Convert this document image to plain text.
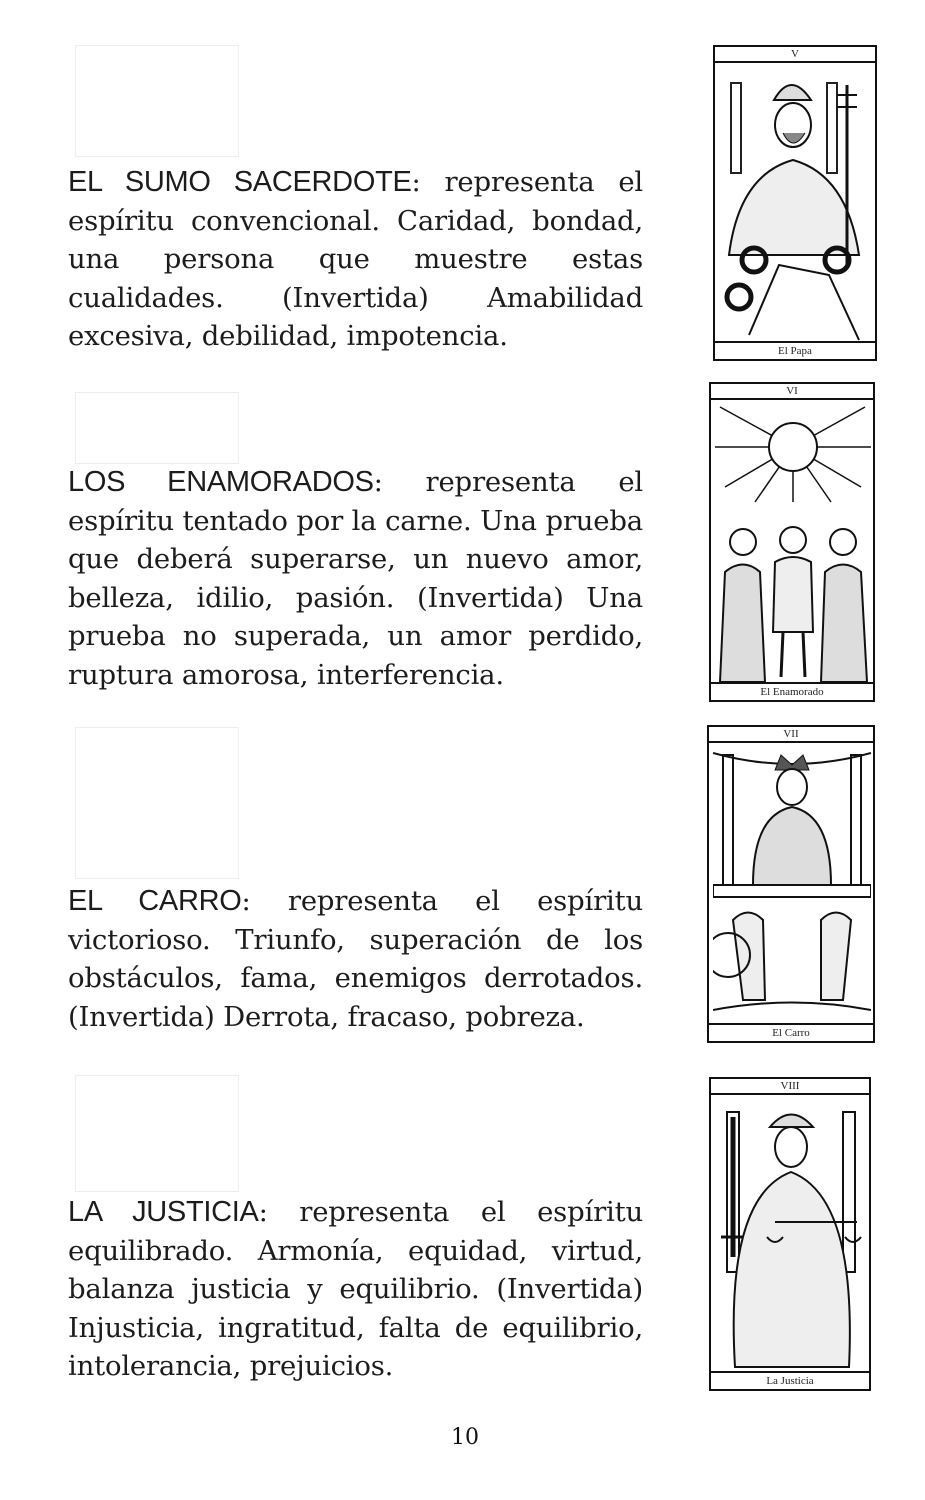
EL SUMO SACERDOTE: representa el espíritu convencional. Caridad, bondad, una persona que muestre estas cualidades. (Invertida) Amabilidad excesiva, debilidad, impotencia.
V
El Papa
LOS ENAMORADOS: representa el espíritu tentado por la carne. Una prueba que deberá superarse, un nuevo amor, belleza, idilio, pasión. (Invertida) Una prueba no superada, un amor perdido, ruptura amorosa, interferencia.
VI
El Enamorado
EL CARRO: representa el espíritu victorioso. Triunfo, superación de los obstáculos, fama, enemigos derrotados. (Invertida) Derrota, fracaso, pobreza.
VII
El Carro
LA JUSTICIA: representa el espíritu equilibrado. Armonía, equidad, virtud, balanza justicia y equilibrio. (Invertida) Injusticia, ingratitud, falta de equilibrio, intolerancia, prejuicios.
VIII
La Justicia
10
